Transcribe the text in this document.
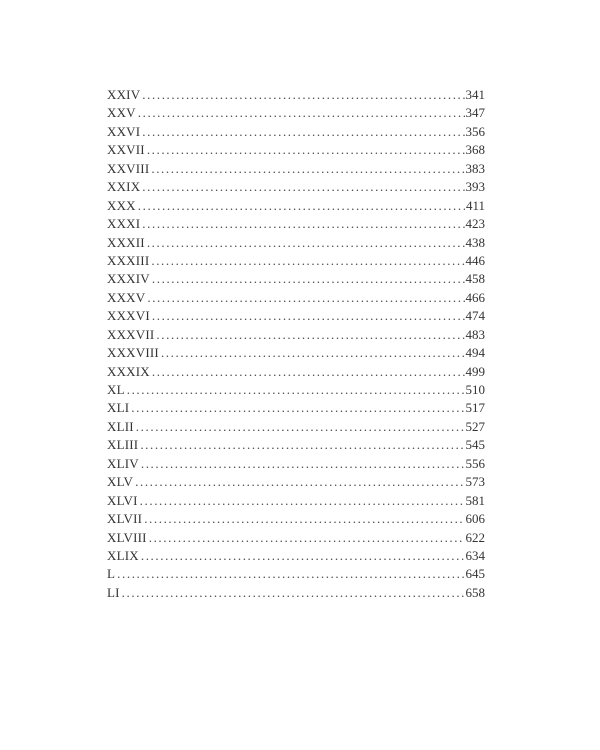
XXIV .....	341
XXV .....	347
XXVI .....	356
XXVII .....	368
XXVIII .....	383
XXIX .....	393
XXX .....	411
XXXI .....	423
XXXII .....	438
XXXIII .....	446
XXXIV .....	458
XXXV .....	466
XXXVI .....	474
XXXVII .....	483
XXXVIII .....	494
XXXIX .....	499
XL .....	510
XLI .....	517
XLII .....	527
XLIII .....	545
XLIV .....	556
XLV .....	573
XLVI .....	581
XLVII .....	606
XLVIII .....	622
XLIX .....	634
L .....	645
LI .....	658
